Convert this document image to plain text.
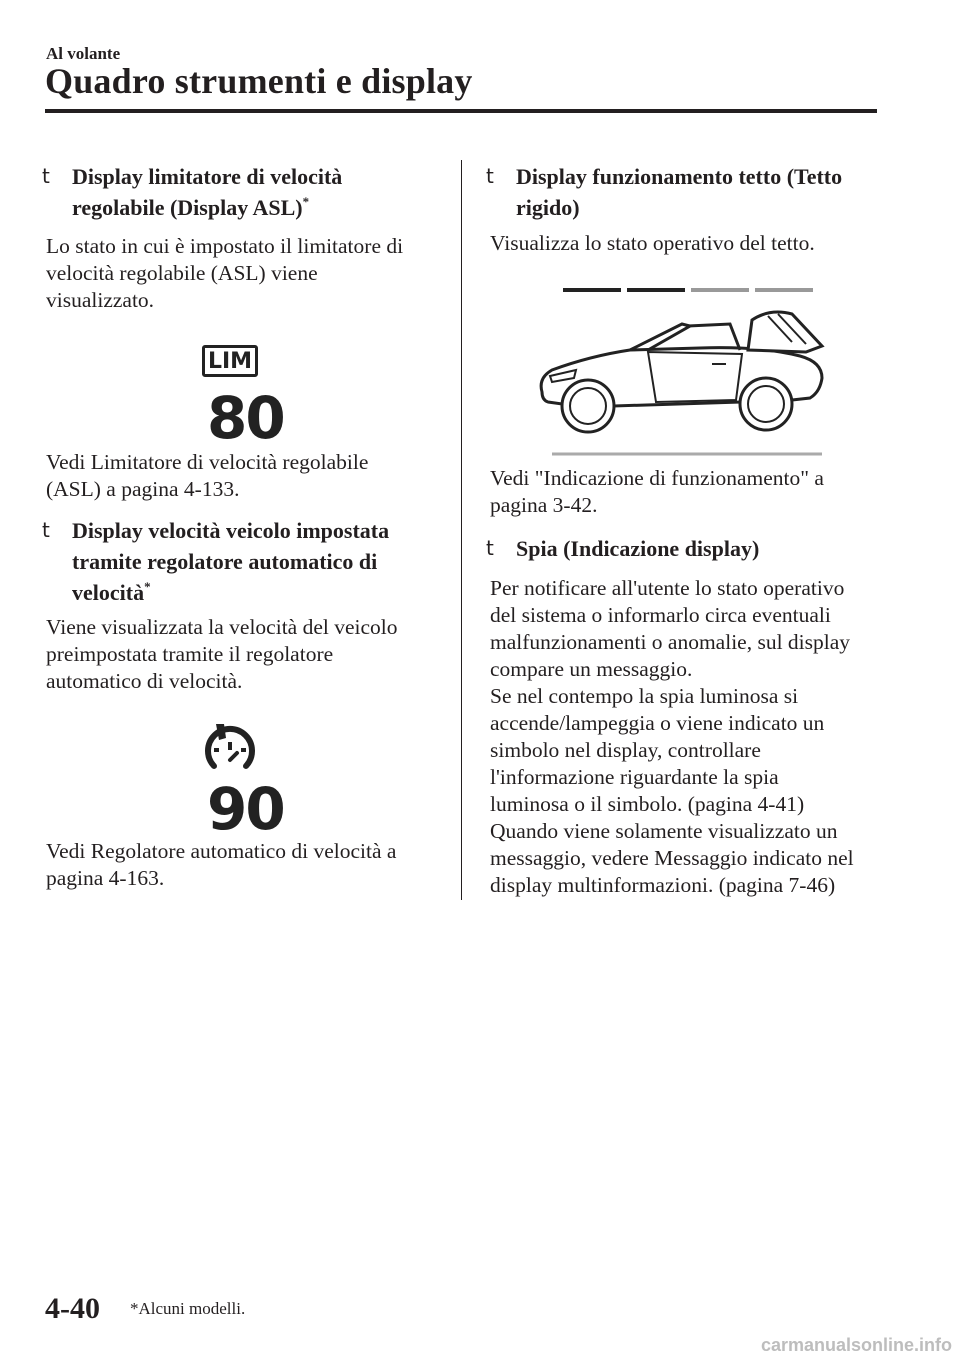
Al volante
Quadro strumenti e display
t Display limitatore di velocità
regolabile (Display ASL)*
Lo stato in cui è impostato il limitatore di
velocità regolabile (ASL) viene
visualizzato.
LIM
80
Vedi Limitatore di velocità regolabile
(ASL) a pagina 4-133.
t Display velocità veicolo impostata
tramite regolatore automatico di
velocità*
Viene visualizzata la velocità del veicolo
preimpostata tramite il regolatore
automatico di velocità.
90
Vedi Regolatore automatico di velocità a
pagina 4-163.
t Display funzionamento tetto (Tetto
rigido)
Visualizza lo stato operativo del tetto.
Vedi "Indicazione di funzionamento" a
pagina 3-42.
t Spia (Indicazione display)
Per notificare all'utente lo stato operativo
del sistema o informarlo circa eventuali
malfunzionamenti o anomalie, sul display
compare un messaggio.
Se nel contempo la spia luminosa si
accende/lampeggia o viene indicato un
simbolo nel display, controllare
l'informazione riguardante la spia
luminosa o il simbolo. (pagina 4-41)
Quando viene solamente visualizzato un
messaggio, vedere Messaggio indicato nel
display multinformazioni. (pagina 7-46)
4-40 *Alcuni modelli.
carmanualsonline.info
